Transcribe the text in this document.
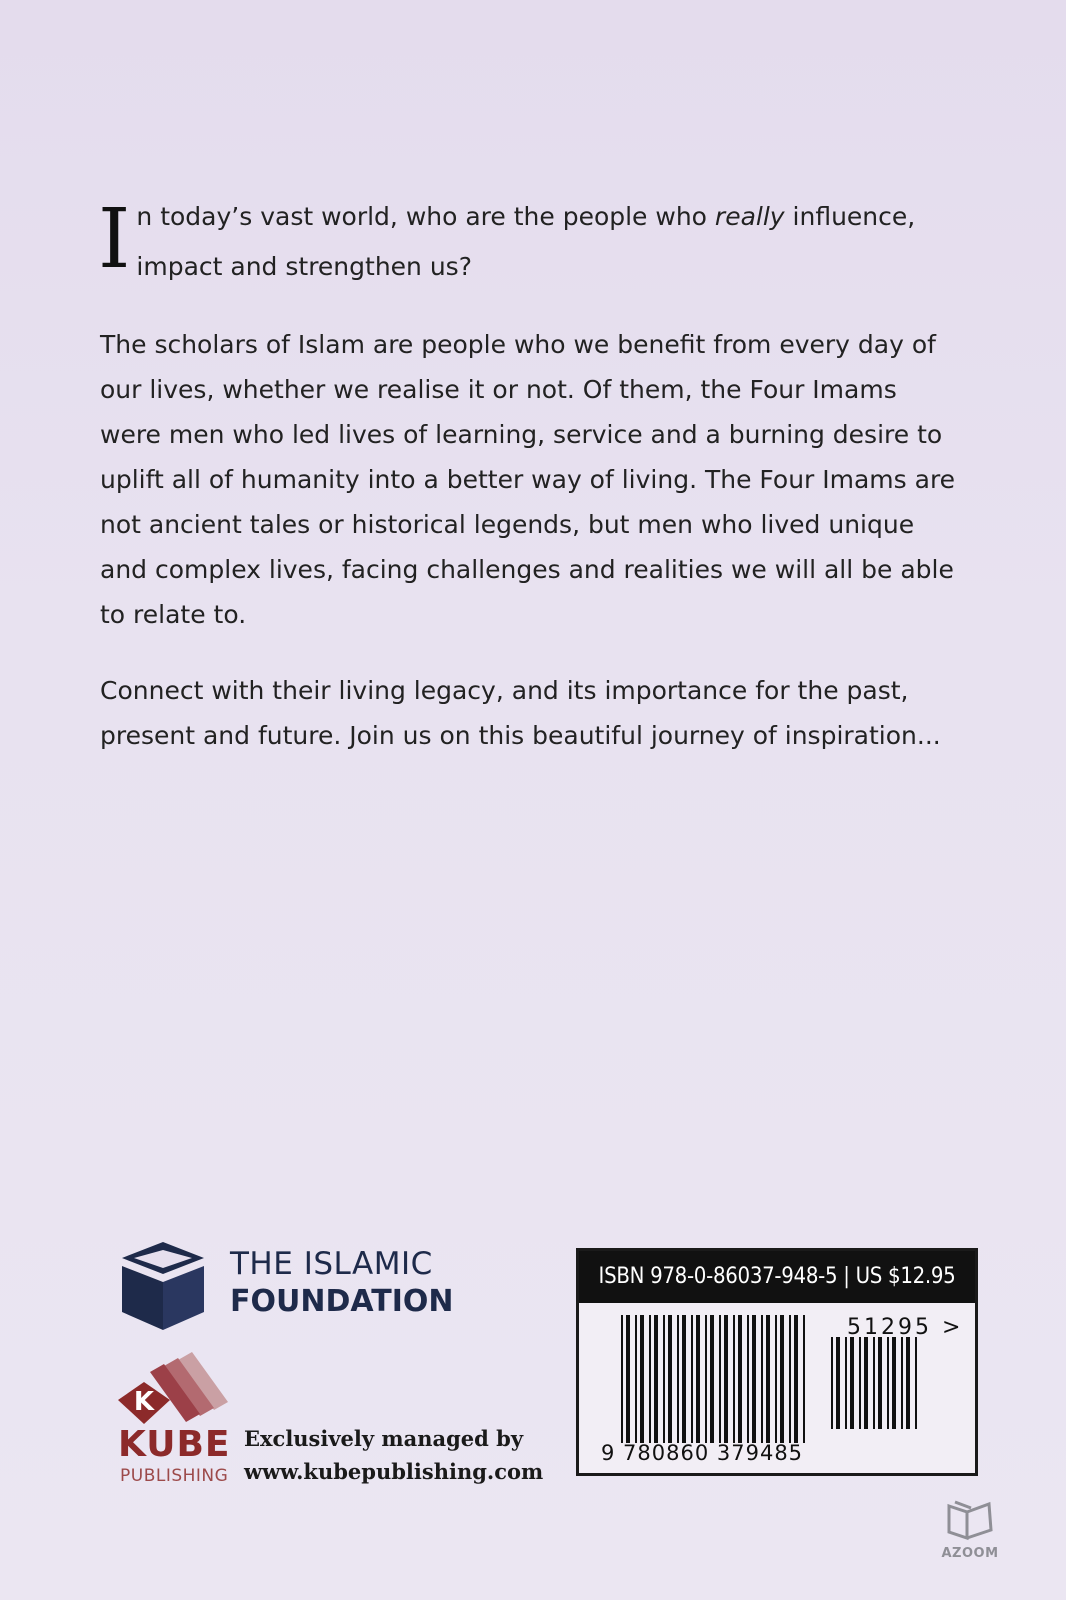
In today’s vast world, who are the people who really influence, impact and strengthen us?
The scholars of Islam are people who we benefit from every day of our lives, whether we realise it or not. Of them, the Four Imams were men who led lives of learning, service and a burning desire to uplift all of humanity into a better way of living. The Four Imams are not ancient tales or historical legends, but men who lived unique and complex lives, facing challenges and realities we will all be able to relate to.
Connect with their living legacy, and its importance for the past, present and future. Join us on this beautiful journey of inspiration...
THE ISLAMIC
FOUNDATION
K
KUBE
PUBLISHING
Exclusively managed by
www.kubepublishing.com
ISBN 978-0-86037-948-5 | US $12.95
51295 >
9 780860 379485
AZOOM
